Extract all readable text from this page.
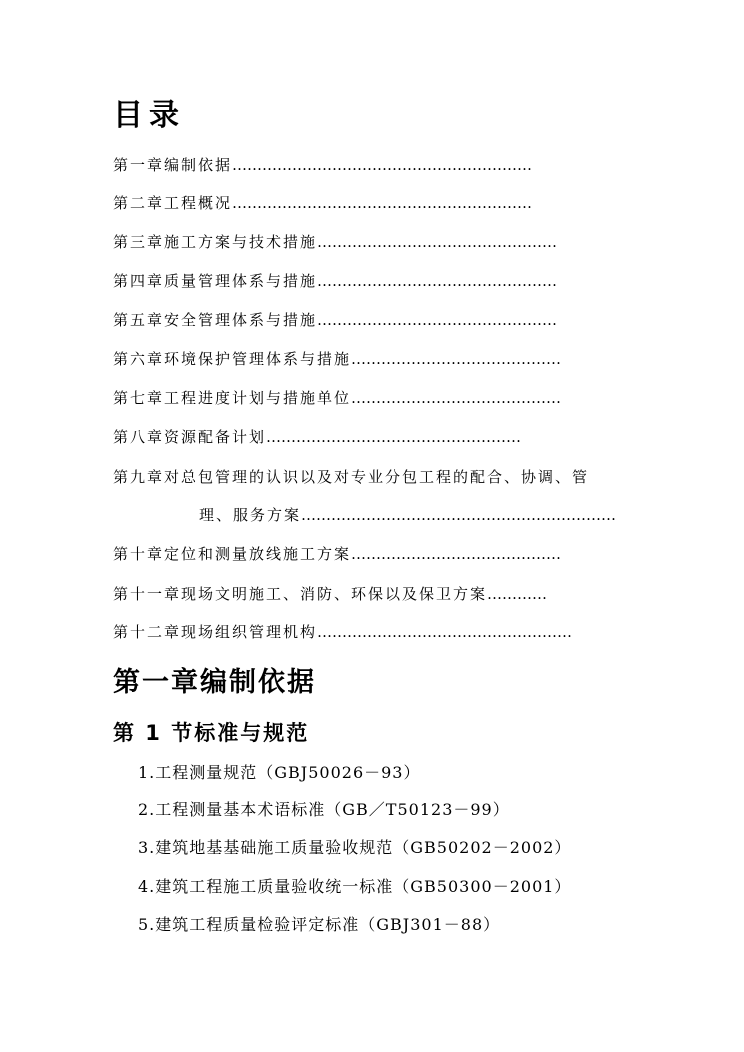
目录
第一章编制依据……………………………………………………
第二章工程概况……………………………………………………
第三章施工方案与技术措施…………………………………………
第四章质量管理体系与措施…………………………………………
第五章安全管理体系与措施…………………………………………
第六章环境保护管理体系与措施……………………………………
第七章工程进度计划与措施单位……………………………………
第八章资源配备计划……………………………………………
第九章对总包管理的认识以及对专业分包工程的配合、协调、管
理、服务方案………………………………………………………
第十章定位和测量放线施工方案……………………………………
第十一章现场文明施工、消防、环保以及保卫方案…………
第十二章现场组织管理机构……………………………………………
第一章编制依据
第 1 节标准与规范
1.工程测量规范（GBJ50026－93）
2.工程测量基本术语标准（GB／T50123－99）
3.建筑地基基础施工质量验收规范（GB50202－2002）
4.建筑工程施工质量验收统一标准（GB50300－2001）
5.建筑工程质量检验评定标准（GBJ301－88）
